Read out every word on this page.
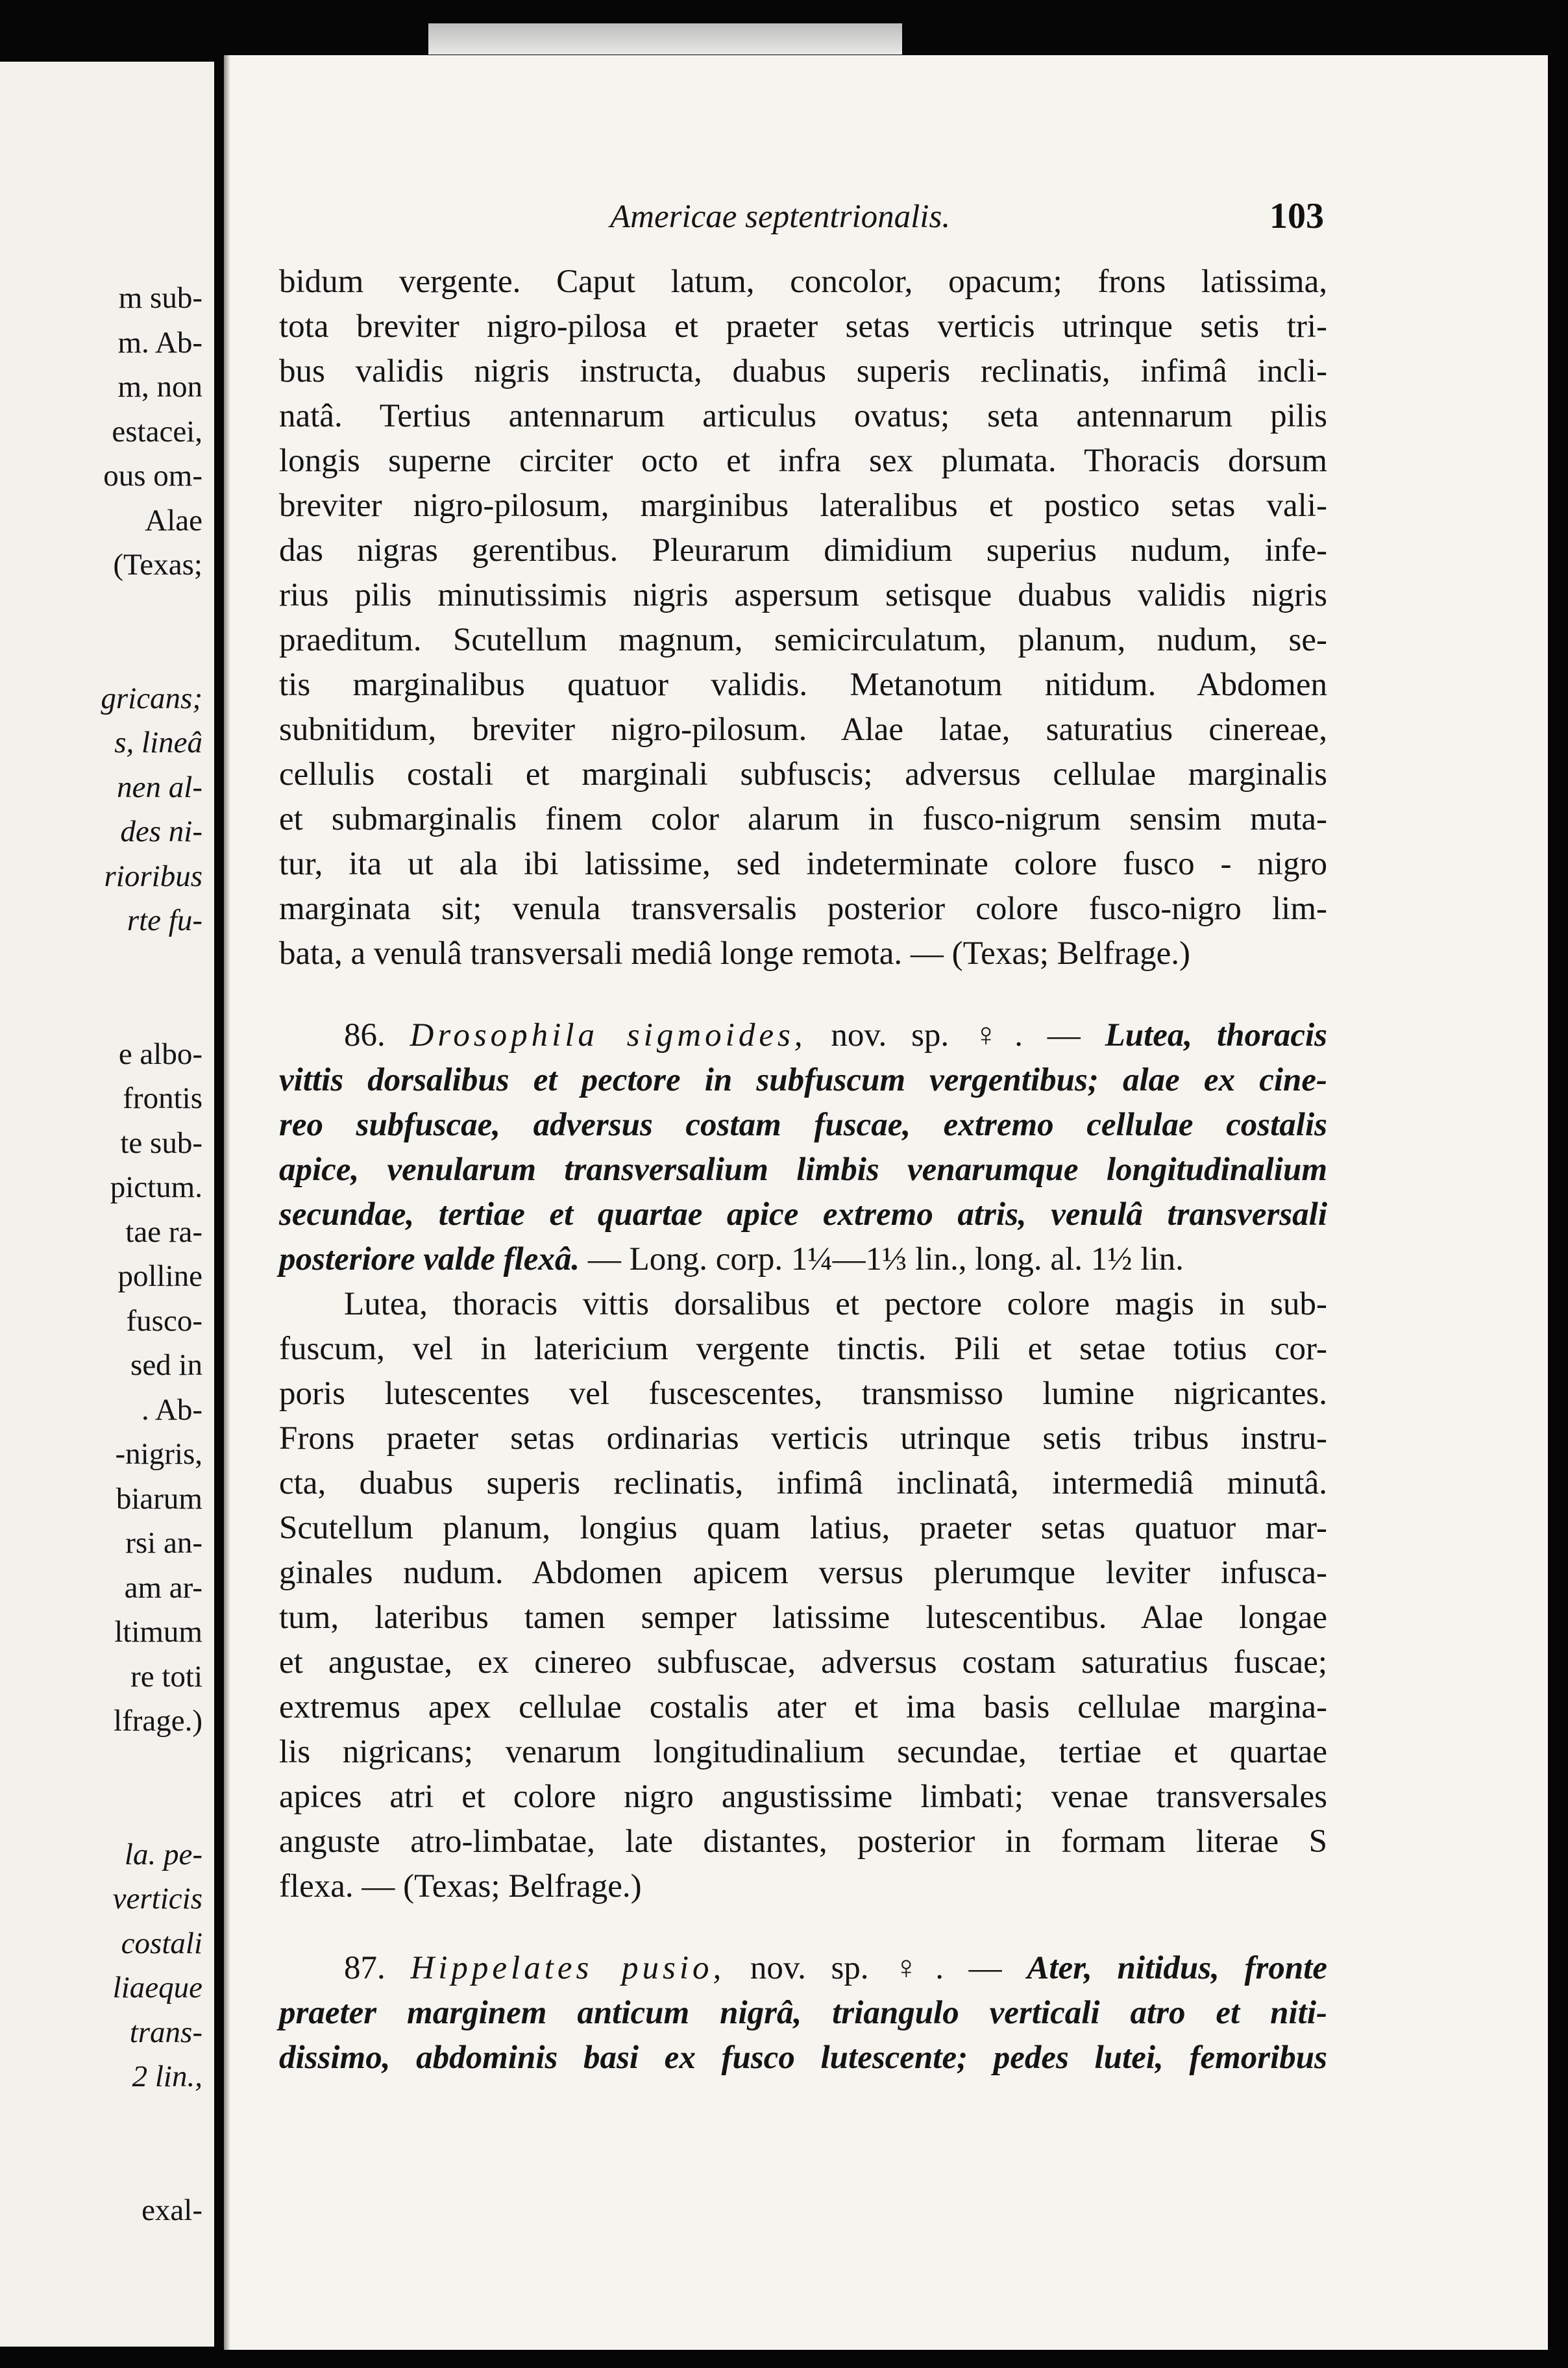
m sub-
m. Ab-
m, non
estacei,
ous om-
Alae
(Texas;
gricans;
s, lineâ
nen al-
des ni-
rioribus
rte fu-
e albo-
frontis
te sub-
pictum.
tae ra-
polline
fusco-
sed in
. Ab-
-nigris,
biarum
rsi an-
am ar-
ltimum
re toti
lfrage.)
la. pe-
verticis
costali
liaeque
trans-
2 lin.,
exal-
Americae septentrionalis.	103
bidum vergente. Caput latum, concolor, opacum; frons latissima,
tota breviter nigro-pilosa et praeter setas verticis utrinque setis tri-
bus validis nigris instructa, duabus superis reclinatis, infimâ incli-
natâ. Tertius antennarum articulus ovatus; seta antennarum pilis
longis superne circiter octo et infra sex plumata. Thoracis dorsum
breviter nigro-pilosum, marginibus lateralibus et postico setas vali-
das nigras gerentibus. Pleurarum dimidium superius nudum, infe-
rius pilis minutissimis nigris aspersum setisque duabus validis nigris
praeditum. Scutellum magnum, semicirculatum, planum, nudum, se-
tis marginalibus quatuor validis. Metanotum nitidum. Abdomen
subnitidum, breviter nigro-pilosum. Alae latae, saturatius cinereae,
cellulis costali et marginali subfuscis; adversus cellulae marginalis
et submarginalis finem color alarum in fusco-nigrum sensim muta-
tur, ita ut ala ibi latissime, sed indeterminate colore fusco - nigro
marginata sit; venula transversalis posterior colore fusco-nigro lim-
bata, a venulâ transversali mediâ longe remota. — (Texas; Belfrage.)
86. Drosophila sigmoides, nov. sp. ♀. — Lutea, thoracis
vittis dorsalibus et pectore in subfuscum vergentibus; alae ex cine-
reo subfuscae, adversus costam fuscae, extremo cellulae costalis
apice, venularum transversalium limbis venarumque longitudinalium
secundae, tertiae et quartae apice extremo atris, venulâ transversali
posteriore valde flexâ. — Long. corp. 1¼—1⅓ lin., long. al. 1½ lin.
Lutea, thoracis vittis dorsalibus et pectore colore magis in sub-
fuscum, vel in latericium vergente tinctis. Pili et setae totius cor-
poris lutescentes vel fuscescentes, transmisso lumine nigricantes.
Frons praeter setas ordinarias verticis utrinque setis tribus instru-
cta, duabus superis reclinatis, infimâ inclinatâ, intermediâ minutâ.
Scutellum planum, longius quam latius, praeter setas quatuor mar-
ginales nudum. Abdomen apicem versus plerumque leviter infusca-
tum, lateribus tamen semper latissime lutescentibus. Alae longae
et angustae, ex cinereo subfuscae, adversus costam saturatius fuscae;
extremus apex cellulae costalis ater et ima basis cellulae margina-
lis nigricans; venarum longitudinalium secundae, tertiae et quartae
apices atri et colore nigro angustissime limbati; venae transversales
anguste atro-limbatae, late distantes, posterior in formam literae S
flexa. — (Texas; Belfrage.)
87. Hippelates pusio, nov. sp. ♀. — Ater, nitidus, fronte
praeter marginem anticum nigrâ, triangulo verticali atro et niti-
dissimo, abdominis basi ex fusco lutescente; pedes lutei, femoribus
